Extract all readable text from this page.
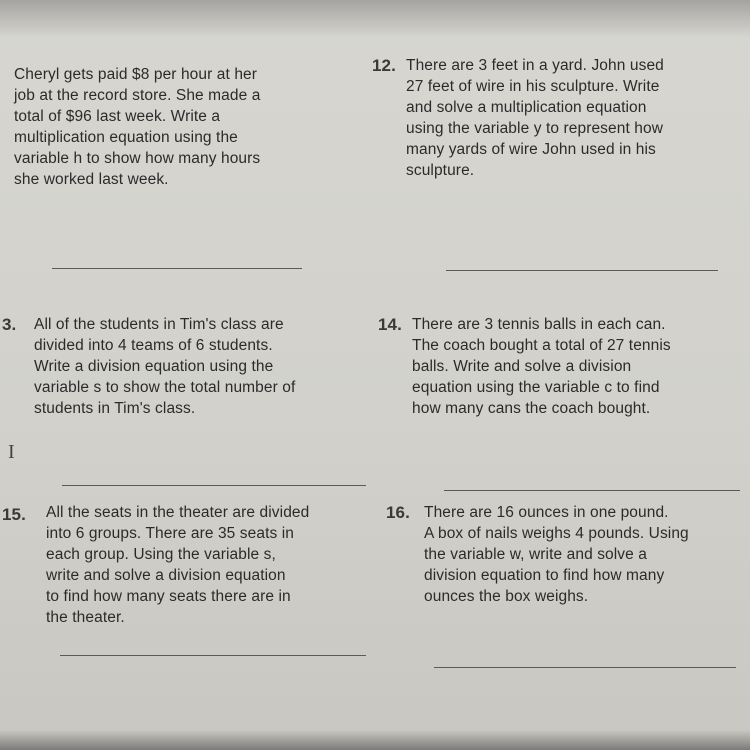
Cheryl gets paid $8 per hour at her
job at the record store. She made a
total of $96 last week. Write a
multiplication equation using the
variable h to show how many hours
she worked last week.
12. There are 3 feet in a yard. John used
27 feet of wire in his sculpture. Write
and solve a multiplication equation
using the variable y to represent how
many yards of wire John used in his
sculpture.
3.	All of the students in Tim's class are
divided into 4 teams of 6 students.
Write a division equation using the
variable s to show the total number of
students in Tim's class.
I
14. There are 3 tennis balls in each can.
The coach bought a total of 27 tennis
balls. Write and solve a division
equation using the variable c to find
how many cans the coach bought.
15.	All the seats in the theater are divided
into 6 groups. There are 35 seats in
each group. Using the variable s,
write and solve a division equation
to find how many seats there are in
the theater.
16. There are 16 ounces in one pound.
A box of nails weighs 4 pounds. Using
the variable w, write and solve a
division equation to find how many
ounces the box weighs.
